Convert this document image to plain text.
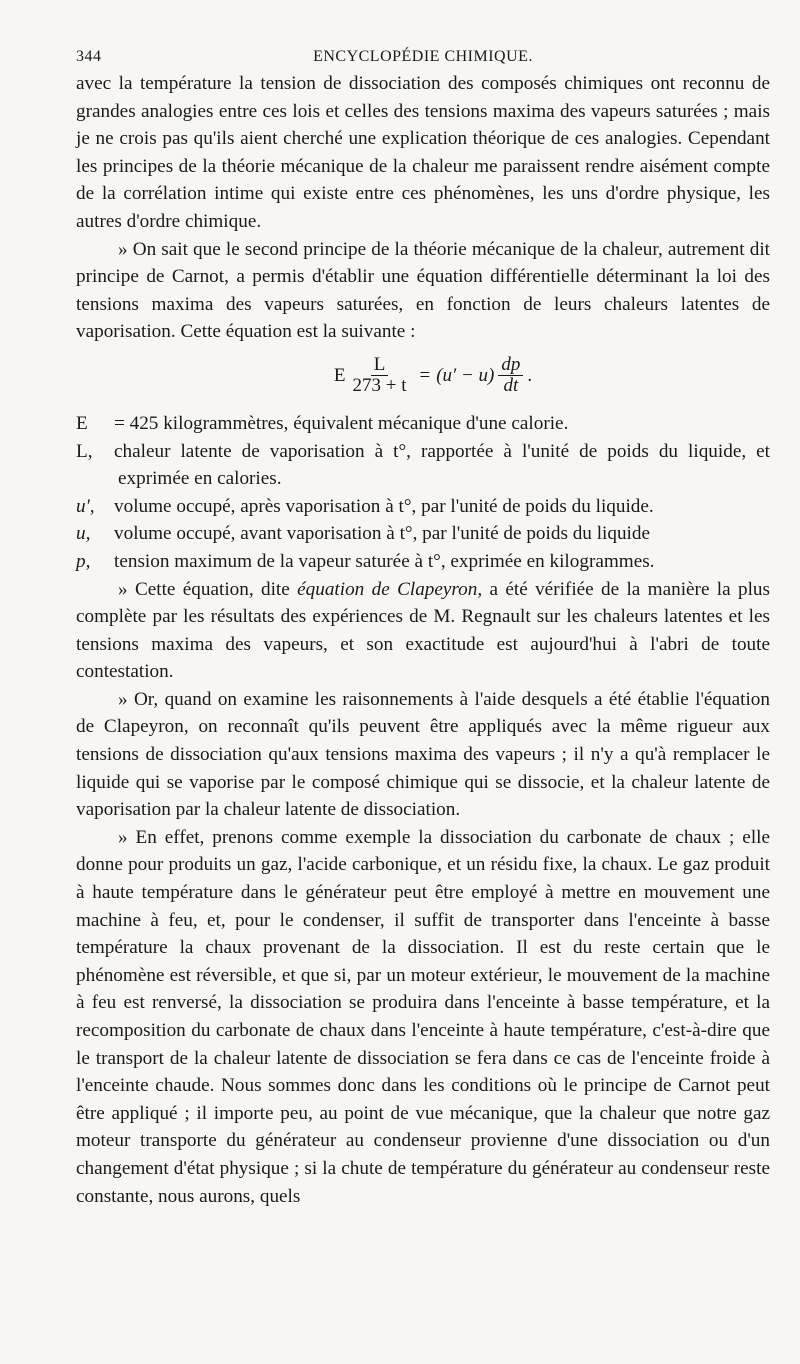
344	ENCYCLOPÉDIE CHIMIQUE.

avec la température la tension de dissociation des composés chimiques ont reconnu de grandes analogies entre ces lois et celles des tensions maxima des vapeurs saturées ; mais je ne crois pas qu'ils aient cherché une explication théorique de ces analogies. Cependant les principes de la théorie mécanique de la chaleur me paraissent rendre aisément compte de la corrélation intime qui existe entre ces phénomènes, les uns d'ordre physique, les autres d'ordre chimique.

» On sait que le second principe de la théorie mécanique de la chaleur, autrement dit principe de Carnot, a permis d'établir une équation différentielle déterminant la loi des tensions maxima des vapeurs saturées, en fonction de leurs chaleurs latentes de vaporisation. Cette équation est la suivante :

E $\frac{L}{273 + t} = (u' - u) \frac{dp}{dt}$ .

E = 425 kilogrammètres, équivalent mécanique d'une calorie.

L, chaleur latente de vaporisation à t°, rapportée à l'unité de poids du liquide, et exprimée en calories.

u′, volume occupé, après vaporisation à t°, par l'unité de poids du liquide.

u, volume occupé, avant vaporisation à t°, par l'unité de poids du liquide

p, tension maximum de la vapeur saturée à t°, exprimée en kilogrammes.

» Cette équation, dite équation de Clapeyron, a été vérifiée de la manière la plus complète par les résultats des expériences de M. Regnault sur les chaleurs latentes et les tensions maxima des vapeurs, et son exactitude est aujourd'hui à l'abri de toute contestation.

» Or, quand on examine les raisonnements à l'aide desquels a été établie l'équation de Clapeyron, on reconnaît qu'ils peuvent être appliqués avec la même rigueur aux tensions de dissociation qu'aux tensions maxima des vapeurs ; il n'y a qu'à remplacer le liquide qui se vaporise par le composé chimique qui se dissocie, et la chaleur latente de vaporisation par la chaleur latente de dissociation.

» En effet, prenons comme exemple la dissociation du carbonate de chaux ; elle donne pour produits un gaz, l'acide carbonique, et un résidu fixe, la chaux. Le gaz produit à haute température dans le générateur peut être employé à mettre en mouvement une machine à feu, et, pour le condenser, il suffit de transporter dans l'enceinte à basse température la chaux provenant de la dissociation. Il est du reste certain que le phénomène est réversible, et que si, par un moteur extérieur, le mouvement de la machine à feu est renversé, la dissociation se produira dans l'enceinte à basse température, et la recomposition du carbonate de chaux dans l'enceinte à haute température, c'est-à-dire que le transport de la chaleur latente de dissociation se fera dans ce cas de l'enceinte froide à l'enceinte chaude. Nous sommes donc dans les conditions où le principe de Carnot peut être appliqué ; il importe peu, au point de vue mécanique, que la chaleur que notre gaz moteur transporte du générateur au condenseur provienne d'une dissociation ou d'un changement d'état physique ; si la chute de température du générateur au condenseur reste constante, nous aurons, quels
